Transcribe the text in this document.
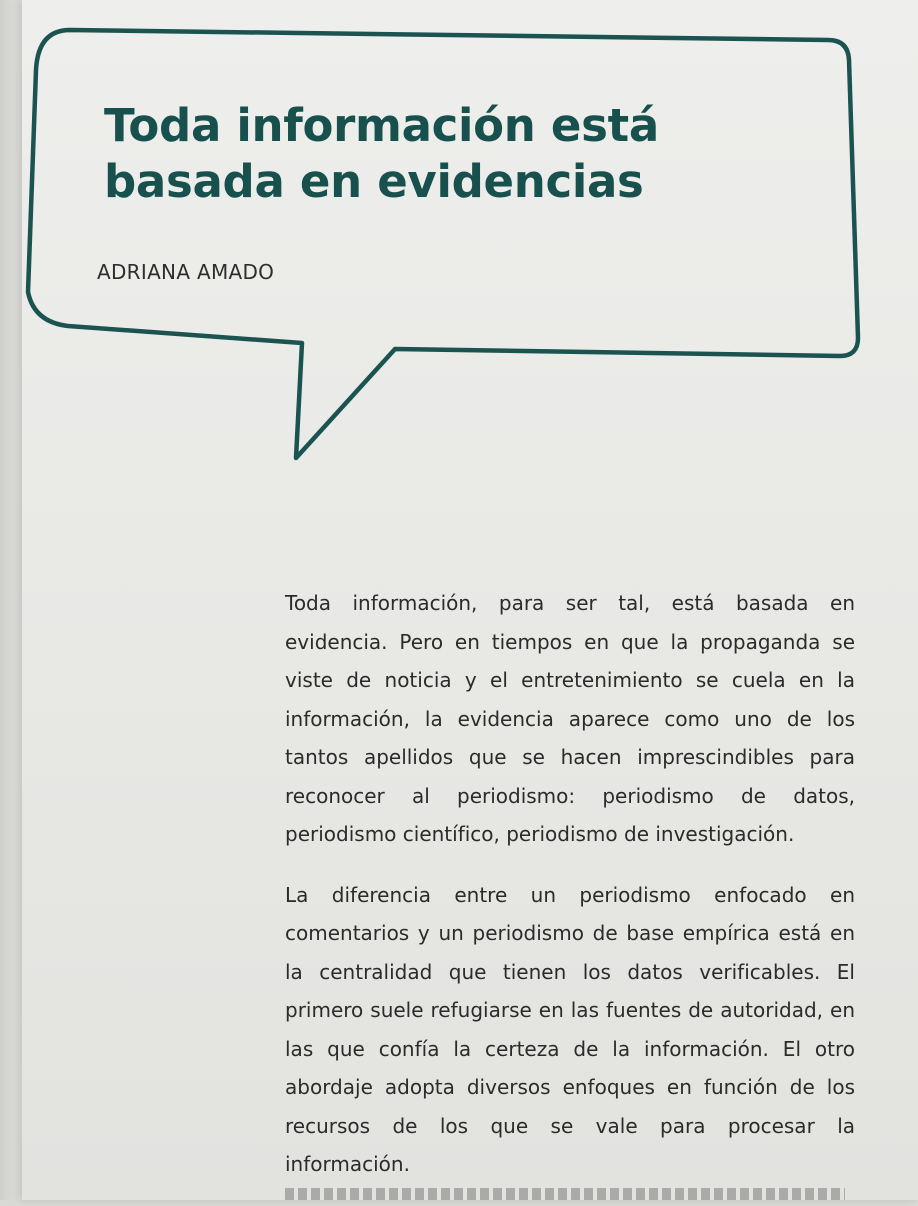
Toda información está
basada en evidencias

ADRIANA AMADO

Toda información, para ser tal, está basada en evidencia. Pero en tiempos en que la propaganda se viste de noticia y el entretenimiento se cuela en la información, la evidencia aparece como uno de los tantos apellidos que se hacen imprescindibles para reconocer al periodismo: periodismo de datos, periodismo científico, periodismo de investigación.

La diferencia entre un periodismo enfocado en comentarios y un periodismo de base empírica está en la centralidad que tienen los datos verificables. El primero suele refugiarse en las fuentes de autoridad, en las que confía la certeza de la información. El otro abordaje adopta diversos enfoques en función de los recursos de los que se vale para procesar la información.
